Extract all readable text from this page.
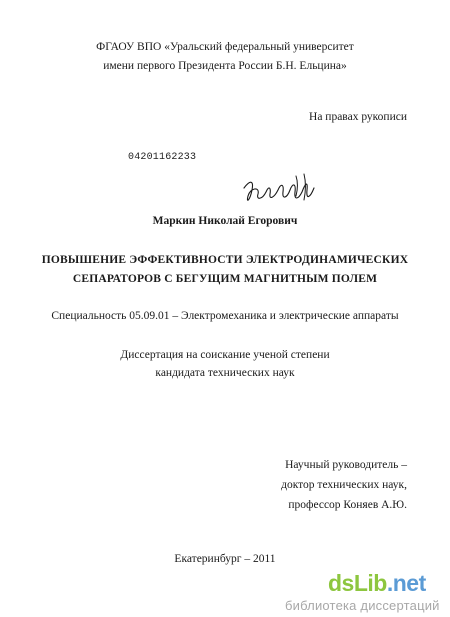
ФГАОУ ВПО «Уральский федеральный университет
имени первого Президента России Б.Н. Ельцина»
На правах рукописи
04201162233
Маркин Николай Егорович
ПОВЫШЕНИЕ ЭФФЕКТИВНОСТИ ЭЛЕКТРОДИНАМИЧЕСКИХ
СЕПАРАТОРОВ С БЕГУЩИМ МАГНИТНЫМ ПОЛЕМ
Специальность 05.09.01 – Электромеханика и электрические аппараты
Диссертация на соискание ученой степени
кандидата технических наук
Научный руководитель –
доктор технических наук,
профессор Коняев А.Ю.
Екатеринбург – 2011
dsLib.net
библиотека диссертаций
